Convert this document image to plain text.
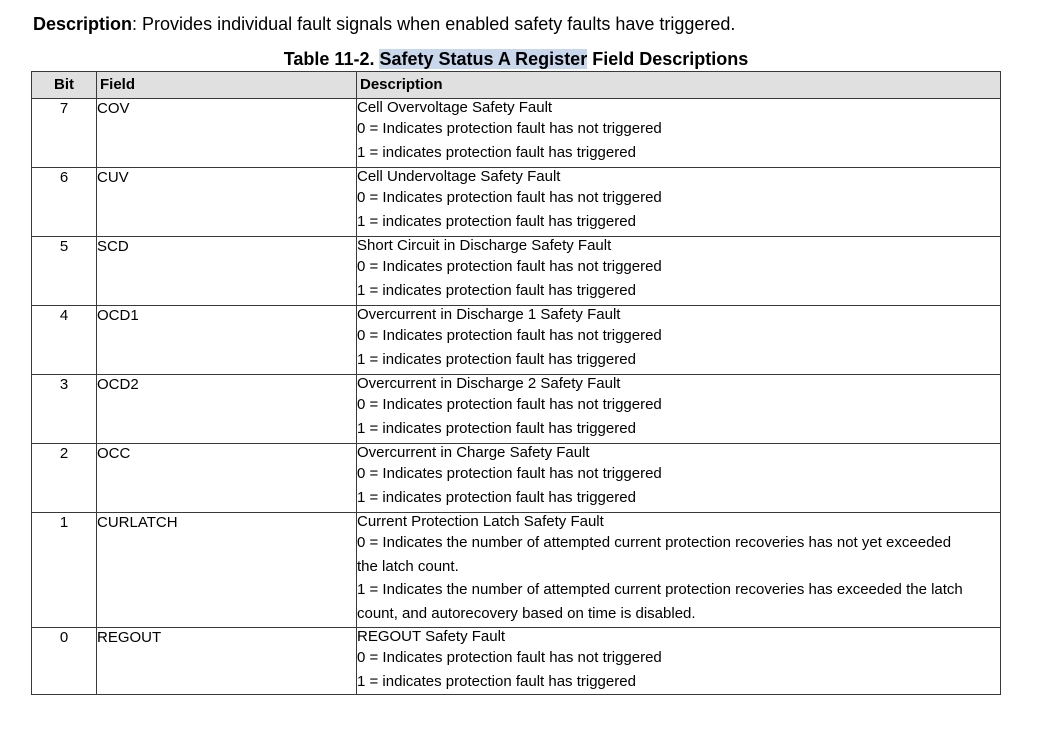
Description: Provides individual fault signals when enabled safety faults have triggered.
Table 11-2. Safety Status A Register Field Descriptions
Bit	Field	Description
7	COV	Cell Overvoltage Safety Fault
0 = Indicates protection fault has not triggered
1 = indicates protection fault has triggered

6	CUV	Cell Undervoltage Safety Fault
0 = Indicates protection fault has not triggered
1 = indicates protection fault has triggered

5	SCD	Short Circuit in Discharge Safety Fault
0 = Indicates protection fault has not triggered
1 = indicates protection fault has triggered

4	OCD1	Overcurrent in Discharge 1 Safety Fault
0 = Indicates protection fault has not triggered
1 = indicates protection fault has triggered

3	OCD2	Overcurrent in Discharge 2 Safety Fault
0 = Indicates protection fault has not triggered
1 = indicates protection fault has triggered

2	OCC	Overcurrent in Charge Safety Fault
0 = Indicates protection fault has not triggered
1 = indicates protection fault has triggered

1	CURLATCH	Current Protection Latch Safety Fault
0 = Indicates the number of attempted current protection recoveries has not yet exceeded
the latch count.
1 = Indicates the number of attempted current protection recoveries has exceeded the latch
count, and autorecovery based on time is disabled.

0	REGOUT	REGOUT Safety Fault
0 = Indicates protection fault has not triggered
1 = indicates protection fault has triggered
